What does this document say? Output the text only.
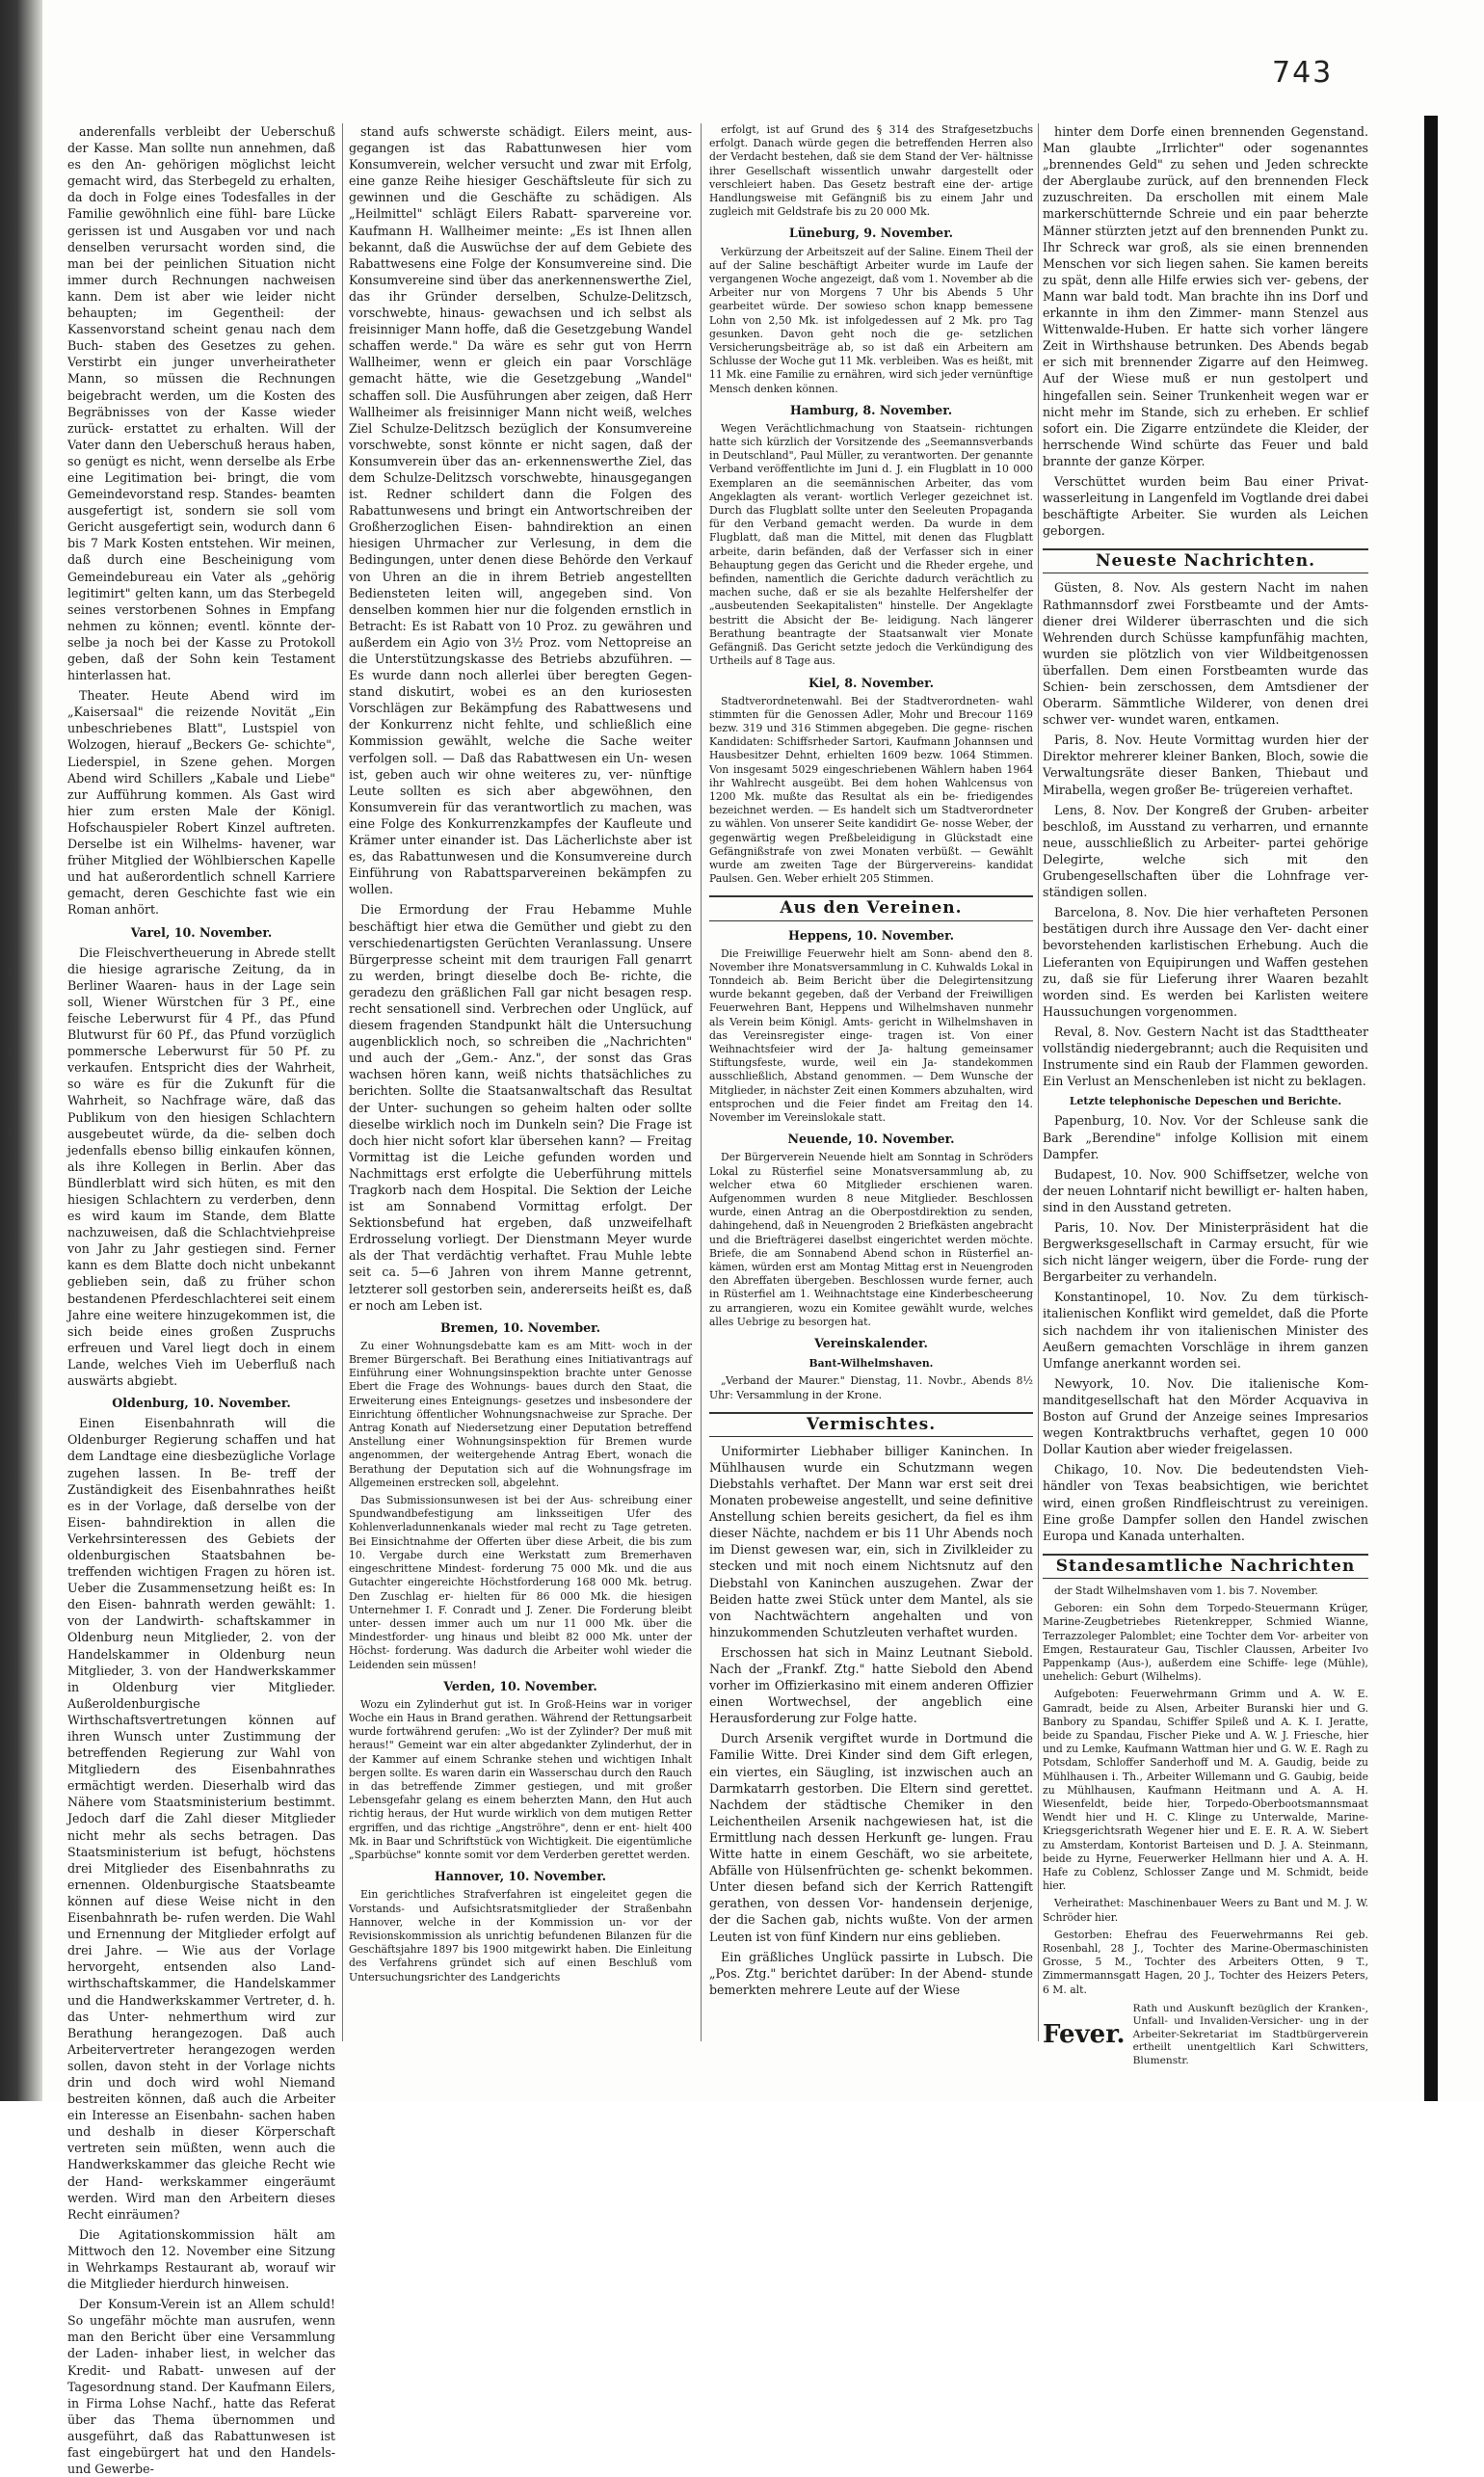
743

anderenfalls verbleibt der Ueberschuß der Kasse. Man sollte nun annehmen, daß es den An- gehörigen möglichst leicht gemacht wird, das Sterbegeld zu erhalten, da doch in Folge eines Todesfalles in der Familie gewöhnlich eine fühl- bare Lücke gerissen ist und Ausgaben vor und nach denselben verursacht worden sind, die man bei der peinlichen Situation nicht immer durch Rechnungen nachweisen kann. Dem ist aber wie leider nicht behaupten; im Gegentheil: der Kassenvorstand scheint genau nach dem Buch- staben des Gesetzes zu gehen. Verstirbt ein junger unverheiratheter Mann, so müssen die Rechnungen beigebracht werden, um die Kosten des Begräbnisses von der Kasse wieder zurück- erstattet zu erhalten. Will der Vater dann den Ueberschuß heraus haben, so genügt es nicht, wenn derselbe als Erbe eine Legitimation bei- bringt, die vom Gemeindevorstand resp. Standes- beamten ausgefertigt ist, sondern sie soll vom Gericht ausgefertigt sein, wodurch dann 6 bis 7 Mark Kosten entstehen. Wir meinen, daß durch eine Bescheinigung vom Gemeindebureau ein Vater als „gehörig legitimirt" gelten kann, um das Sterbegeld seines verstorbenen Sohnes in Empfang nehmen zu können; eventl. könnte der- selbe ja noch bei der Kasse zu Protokoll geben, daß der Sohn kein Testament hinterlassen hat.

Theater. Heute Abend wird im „Kaisersaal" die reizende Novität „Ein unbeschriebenes Blatt", Lustspiel von Wolzogen, hierauf „Beckers Ge- schichte", Liederspiel, in Szene gehen. Morgen Abend wird Schillers „Kabale und Liebe" zur Aufführung kommen. Als Gast wird hier zum ersten Male der Königl. Hofschauspieler Robert Kinzel auftreten. Derselbe ist ein Wilhelms- havener, war früher Mitglied der Wöhlbierschen Kapelle und hat außerordentlich schnell Karriere gemacht, deren Geschichte fast wie ein Roman anhört.

Varel, 10. November.

Die Fleischvertheuerung in Abrede stellt die hiesige agrarische Zeitung, da in Berliner Waaren- haus in der Lage sein soll, Wiener Würstchen für 3 Pf., eine feische Leberwurst für 4 Pf., das Pfund Blutwurst für 60 Pf., das Pfund vorzüglich pommersche Leberwurst für 50 Pf. zu verkaufen. Entspricht dies der Wahrheit, so wäre es für die Zukunft für die Wahrheit, so Nachfrage wäre, daß das Publikum von den hiesigen Schlachtern ausgebeutet würde, da die- selben doch jedenfalls ebenso billig einkaufen können, als ihre Kollegen in Berlin. Aber das Bündlerblatt wird sich hüten, es mit den hiesigen Schlachtern zu verderben, denn es wird kaum im Stande, dem Blatte nachzuweisen, daß die Schlachtviehpreise von Jahr zu Jahr gestiegen sind. Ferner kann es dem Blatte doch nicht unbekannt geblieben sein, daß zu früher schon bestandenen Pferdeschlachterei seit einem Jahre eine weitere hinzugekommen ist, die sich beide eines großen Zuspruchs erfreuen und Varel liegt doch in einem Lande, welches Vieh im Ueberfluß nach auswärts abgiebt.

Oldenburg, 10. November.

Einen Eisenbahnrath will die Oldenburger Regierung schaffen und hat dem Landtage eine diesbezügliche Vorlage zugehen lassen. In Be- treff der Zuständigkeit des Eisenbahnrathes heißt es in der Vorlage, daß derselbe von der Eisen- bahndirektion in allen die Verkehrsinteressen des Gebiets der oldenburgischen Staatsbahnen be- treffenden wichtigen Fragen zu hören ist. Ueber die Zusammensetzung heißt es: In den Eisen- bahnrath werden gewählt: 1. von der Landwirth- schaftskammer in Oldenburg neun Mitglieder, 2. von der Handelskammer in Oldenburg neun Mitglieder, 3. von der Handwerkskammer in Oldenburg vier Mitglieder. Außeroldenburgische Wirthschaftsvertretungen können auf ihren Wunsch unter Zustimmung der betreffenden Regierung zur Wahl von Mitgliedern des Eisenbahnrathes ermächtigt werden. Dieserhalb wird das Nähere vom Staatsministerium bestimmt. Jedoch darf die Zahl dieser Mitglieder nicht mehr als sechs betragen. Das Staatsministerium ist befugt, höchstens drei Mitglieder des Eisenbahnraths zu ernennen. Oldenburgische Staatsbeamte können auf diese Weise nicht in den Eisenbahnrath be- rufen werden. Die Wahl und Ernennung der Mitglieder erfolgt auf drei Jahre. — Wie aus der Vorlage hervorgeht, entsenden also Land- wirthschaftskammer, die Handelskammer und die Handwerkskammer Vertreter, d. h. das Unter- nehmerthum wird zur Berathung herangezogen. Daß auch Arbeitervertreter herangezogen werden sollen, davon steht in der Vorlage nichts drin und doch wird wohl Niemand bestreiten können, daß auch die Arbeiter ein Interesse an Eisenbahn- sachen haben und deshalb in dieser Körperschaft vertreten sein müßten, wenn auch die Handwerkskammer das gleiche Recht wie der Hand- werkskammer eingeräumt werden. Wird man den Arbeitern dieses Recht einräumen?

Die Agitationskommission hält am Mittwoch den 12. November eine Sitzung in Wehrkamps Restaurant ab, worauf wir die Mitglieder hierdurch hinweisen.

Der Konsum-Verein ist an Allem schuld! So ungefähr möchte man ausrufen, wenn man den Bericht über eine Versammlung der Laden- inhaber liest, in welcher das Kredit- und Rabatt- unwesen auf der Tagesordnung stand. Der Kaufmann Eilers, in Firma Lohse Nachf., hatte das Referat über das Thema übernommen und ausgeführt, daß das Rabattunwesen ist fast eingebürgert hat und den Handels- und Gewerbe-

stand aufs schwerste schädigt. Eilers meint, aus- gegangen ist das Rabattunwesen hier vom Konsumverein, welcher versucht und zwar mit Erfolg, eine ganze Reihe hiesiger Geschäftsleute für sich zu gewinnen und die Geschäfte zu schädigen. Als „Heilmittel" schlägt Eilers Rabatt- sparvereine vor. Kaufmann H. Wallheimer meinte: „Es ist Ihnen allen bekannt, daß die Auswüchse der auf dem Gebiete des Rabattwesens eine Folge der Konsumvereine sind. Die Konsumvereine sind über das anerkennenswerthe Ziel, das ihr Gründer derselben, Schulze-Delitzsch, vorschwebte, hinaus- gewachsen und ich selbst als freisinniger Mann hoffe, daß die Gesetzgebung Wandel schaffen werde." Da wäre es sehr gut von Herrn Wallheimer, wenn er gleich ein paar Vorschläge gemacht hätte, wie die Gesetzgebung „Wandel" schaffen soll. Die Ausführungen aber zeigen, daß Herr Wallheimer als freisinniger Mann nicht weiß, welches Ziel Schulze-Delitzsch bezüglich der Konsumvereine vorschwebte, sonst könnte er nicht sagen, daß der Konsumverein über das an- erkennenswerthe Ziel, das dem Schulze-Delitzsch vorschwebte, hinausgegangen ist. Redner schildert dann die Folgen des Rabattunwesens und bringt ein Antwortschreiben der Großherzoglichen Eisen- bahndirektion an einen hiesigen Uhrmacher zur Verlesung, in dem die Bedingungen, unter denen diese Behörde den Verkauf von Uhren an die in ihrem Betrieb angestellten Bediensteten leiten will, angegeben sind. Von denselben kommen hier nur die folgenden ernstlich in Betracht: Es ist Rabatt von 10 Proz. zu gewähren und außerdem ein Agio von 3½ Proz. vom Nettopreise an die Unterstützungskasse des Betriebs abzuführen. — Es wurde dann noch allerlei über beregten Gegen- stand diskutirt, wobei es an den kuriosesten Vorschlägen zur Bekämpfung des Rabattwesens und der Konkurrenz nicht fehlte, und schließlich eine Kommission gewählt, welche die Sache weiter verfolgen soll. — Daß das Rabattwesen ein Un- wesen ist, geben auch wir ohne weiteres zu, ver- nünftige Leute sollten es sich aber abgewöhnen, den Konsumverein für das verantwortlich zu machen, was eine Folge des Konkurrenzkampfes der Kaufleute und Krämer unter einander ist. Das Lächerlichste aber ist es, das Rabattunwesen und die Konsumvereine durch Einführung von Rabattsparvereinen bekämpfen zu wollen.

Die Ermordung der Frau Hebamme Muhle beschäftigt hier etwa die Gemüther und giebt zu den verschiedenartigsten Gerüchten Veranlassung. Unsere Bürgerpresse scheint mit dem traurigen Fall genarrt zu werden, bringt dieselbe doch Be- richte, die geradezu den gräßlichen Fall gar nicht besagen resp. recht sensationell sind. Verbrechen oder Unglück, auf diesem fragenden Standpunkt hält die Untersuchung augenblicklich noch, so schreiben die „Nachrichten" und auch der „Gem.- Anz.", der sonst das Gras wachsen hören kann, weiß nichts thatsächliches zu berichten. Sollte die Staatsanwaltschaft das Resultat der Unter- suchungen so geheim halten oder sollte dieselbe wirklich noch im Dunkeln sein? Die Frage ist doch hier nicht sofort klar übersehen kann? — Freitag Vormittag ist die Leiche gefunden worden und Nachmittags erst erfolgte die Ueberführung mittels Tragkorb nach dem Hospital. Die Sektion der Leiche ist am Sonnabend Vormittag erfolgt. Der Sektionsbefund hat ergeben, daß unzweifelhaft Erdrosselung vorliegt. Der Dienstmann Meyer wurde als der That verdächtig verhaftet. Frau Muhle lebte seit ca. 5—6 Jahren von ihrem Manne getrennt, letzterer soll gestorben sein, andererseits heißt es, daß er noch am Leben ist.

Bremen, 10. November.

Zu einer Wohnungsdebatte kam es am Mitt- woch in der Bremer Bürgerschaft. Bei Berathung eines Initiativantrags auf Einführung einer Wohnungsinspektion brachte unter Genosse Ebert die Frage des Wohnungs- baues durch den Staat, die Erweiterung eines Enteignungs- gesetzes und insbesondere der Einrichtung öffentlicher Wohnungsnachweise zur Sprache. Der Antrag Konath auf Niedersetzung einer Deputation betreffend Anstellung einer Wohnungsinspektion für Bremen wurde angenommen, der weitergehende Antrag Ebert, wonach die Berathung der Deputation sich auf die Wohnungsfrage im Allgemeinen erstrecken soll, abgelehnt.

Das Submissionsunwesen ist bei der Aus- schreibung einer Spundwandbefestigung am linksseitigen Ufer des Kohlenverladunnenkanals wieder mal recht zu Tage getreten. Bei Einsichtnahme der Offerten über diese Arbeit, die bis zum 10. Vergabe durch eine Werkstatt zum Bremerhaven eingeschrittene Mindest- forderung 75 000 Mk. und die aus Gutachter eingereichte Höchstforderung 168 000 Mk. betrug. Den Zuschlag er- hielten für 86 000 Mk. die hiesigen Unternehmer I. F. Conradt und J. Zener. Die Forderung bleibt unter- dessen immer auch um nur 11 000 Mk. über die Mindestforder- ung hinaus und bleibt 82 000 Mk. unter der Höchst- forderung. Was dadurch die Arbeiter wohl wieder die Leidenden sein müssen!

Verden, 10. November.

Wozu ein Zylinderhut gut ist. In Groß-Heins war in voriger Woche ein Haus in Brand gerathen. Während der Rettungsarbeit wurde fortwährend gerufen: „Wo ist der Zylinder? Der muß mit heraus!" Gemeint war ein alter abgedankter Zylinderhut, der in der Kammer auf einem Schranke stehen und wichtigen Inhalt bergen sollte. Es waren darin ein Wasserschau durch den Rauch in das betreffende Zimmer gestiegen, und mit großer Lebensgefahr gelang es einem beherzten Mann, den Hut auch richtig heraus, der Hut wurde wirklich von dem mutigen Retter ergriffen, und das richtige „Angströhre", denn er ent- hielt 400 Mk. in Baar und Schriftstück von Wichtigkeit. Die eigentümliche „Sparbüchse" konnte somit vor dem Verderben gerettet werden.

Hannover, 10. November.

Ein gerichtliches Strafverfahren ist eingeleitet gegen die Vorstands- und Aufsichtsratsmitglieder der Straßenbahn Hannover, welche in der Kommission un- vor der Revisionskommission als unrichtig befundenen Bilanzen für die Geschäftsjahre 1897 bis 1900 mitgewirkt haben. Die Einleitung des Verfahrens gründet sich auf einen Beschluß vom Untersuchungsrichter des Landgerichts

erfolgt, ist auf Grund des § 314 des Strafgesetzbuchs erfolgt. Danach würde gegen die betreffenden Herren also der Verdacht bestehen, daß sie dem Stand der Ver- hältnisse ihrer Gesellschaft wissentlich unwahr dargestellt oder verschleiert haben. Das Gesetz bestraft eine der- artige Handlungsweise mit Gefängniß bis zu einem Jahr und zugleich mit Geldstrafe bis zu 20 000 Mk.

Lüneburg, 9. November.

Verkürzung der Arbeitszeit auf der Saline. Einem Theil der auf der Saline beschäftigt Arbeiter wurde im Laufe der vergangenen Woche angezeigt, daß vom 1. November ab die Arbeiter nur von Morgens 7 Uhr bis Abends 5 Uhr gearbeitet würde. Der sowieso schon knapp bemessene Lohn von 2,50 Mk. ist infolgedessen auf 2 Mk. pro Tag gesunken. Davon geht noch die ge- setzlichen Versicherungsbeiträge ab, so ist daß ein Arbeitern am Schlusse der Woche gut 11 Mk. verbleiben. Was es heißt, mit 11 Mk. eine Familie zu ernähren, wird sich jeder vernünftige Mensch denken können.

Hamburg, 8. November.

Wegen Verächtlichmachung von Staatsein- richtungen hatte sich kürzlich der Vorsitzende des „Seemannsverbands in Deutschland", Paul Müller, zu verantworten. Der genannte Verband veröffentlichte im Juni d. J. ein Flugblatt in 10 000 Exemplaren an die seemännischen Arbeiter, das vom Angeklagten als verant- wortlich Verleger gezeichnet ist. Durch das Flugblatt sollte unter den Seeleuten Propaganda für den Verband gemacht werden. Da wurde in dem Flugblatt, daß man die Mittel, mit denen das Flugblatt arbeite, darin befänden, daß der Verfasser sich in einer Behauptung gegen das Gericht und die Rheder ergehe, und befinden, namentlich die Gerichte dadurch verächtlich zu machen suche, daß er sie als bezahlte Helfershelfer der „ausbeutenden Seekapitalisten" hinstelle. Der Angeklagte bestritt die Absicht der Be- leidigung. Nach längerer Berathung beantragte der Staatsanwalt vier Monate Gefängniß. Das Gericht setzte jedoch die Verkündigung des Urtheils auf 8 Tage aus.

Kiel, 8. November.

Stadtverordnetenwahl. Bei der Stadtverordneten- wahl stimmten für die Genossen Adler, Mohr und Brecour 1169 bezw. 319 und 316 Stimmen abgegeben. Die gegne- rischen Kandidaten: Schiffsrheder Sartori, Kaufmann Johannsen und Hausbesitzer Dehnt, erhielten 1609 bezw. 1064 Stimmen. Von insgesamt 5029 eingeschriebenen Wählern haben 1964 ihr Wahlrecht ausgeübt. Bei dem hohen Wahlcensus von 1200 Mk. mußte das Resultat als ein be- friedigendes bezeichnet werden. — Es handelt sich um Stadtverordneter zu wählen. Von unserer Seite kandidirt Ge- nosse Weber, der gegenwärtig wegen Preßbeleidigung in Glückstadt eine Gefängnißstrafe von zwei Monaten verbüßt. — Gewählt wurde am zweiten Tage der Bürgervereins- kandidat Paulsen. Gen. Weber erhielt 205 Stimmen.

Aus den Vereinen.

Heppens, 10. November.

Die Freiwillige Feuerwehr hielt am Sonn- abend den 8. November ihre Monatsversammlung in C. Kuhwalds Lokal in Tonndeich ab. Beim Bericht über die Delegirtensitzung wurde bekannt gegeben, daß der Verband der Freiwilligen Feuerwehren Bant, Heppens und Wilhelmshaven nunmehr als Verein beim Königl. Amts- gericht in Wilhelmshaven in das Vereinsregister einge- tragen ist. Von einer Weihnachtsfeier wird der Ja- haltung gemeinsamer Stiftungsfeste, wurde, weil ein Ja- standekommen ausschließlich, Abstand genommen. — Dem Wunsche der Mitglieder, in nächster Zeit einen Kommers abzuhalten, wird entsprochen und die Feier findet am Freitag den 14. November im Vereinslokale statt.

Neuende, 10. November.

Der Bürgerverein Neuende hielt am Sonntag in Schröders Lokal zu Rüsterfiel seine Monatsversammlung ab, zu welcher etwa 60 Mitglieder erschienen waren. Aufgenommen wurden 8 neue Mitglieder. Beschlossen wurde, einen Antrag an die Oberpostdirektion zu senden, dahingehend, daß in Neuengroden 2 Briefkästen angebracht und die Briefträgerei daselbst eingerichtet werden möchte. Briefe, die am Sonnabend Abend schon in Rüsterfiel an- kämen, würden erst am Montag Mittag erst in Neuengroden den Abreffaten übergeben. Beschlossen wurde ferner, auch in Rüsterfiel am 1. Weihnachtstage eine Kinderbescheerung zu arrangieren, wozu ein Komitee gewählt wurde, welches alles Uebrige zu besorgen hat.

Vereinskalender.

Bant-Wilhelmshaven.

„Verband der Maurer." Dienstag, 11. Novbr., Abends 8½ Uhr: Versammlung in der Krone.

Vermischtes.

Uniformirter Liebhaber billiger Kaninchen. In Mühlhausen wurde ein Schutzmann wegen Diebstahls verhaftet. Der Mann war erst seit drei Monaten probeweise angestellt, und seine definitive Anstellung schien bereits gesichert, da fiel es ihm dieser Nächte, nachdem er bis 11 Uhr Abends noch im Dienst gewesen war, ein, sich in Zivilkleider zu stecken und mit noch einem Nichtsnutz auf den Diebstahl von Kaninchen auszugehen. Zwar der Beiden hatte zwei Stück unter dem Mantel, als sie von Nachtwächtern angehalten und von hinzukommenden Schutzleuten verhaftet wurden.

Erschossen hat sich in Mainz Leutnant Siebold. Nach der „Frankf. Ztg." hatte Siebold den Abend vorher im Offizierkasino mit einem anderen Offizier einen Wortwechsel, der angeblich eine Herausforderung zur Folge hatte.

Durch Arsenik vergiftet wurde in Dortmund die Familie Witte. Drei Kinder sind dem Gift erlegen, ein viertes, ein Säugling, ist inzwischen auch an Darmkatarrh gestorben. Die Eltern sind gerettet. Nachdem der städtische Chemiker in den Leichentheilen Arsenik nachgewiesen hat, ist die Ermittlung nach dessen Herkunft ge- lungen. Frau Witte hatte in einem Geschäft, wo sie arbeitete, Abfälle von Hülsenfrüchten ge- schenkt bekommen. Unter diesen befand sich der Kerrich Rattengift gerathen, von dessen Vor- handensein derjenige, der die Sachen gab, nichts wußte. Von der armen Leuten ist von fünf Kindern nur eins geblieben.

Ein gräßliches Unglück passirte in Lubsch. Die „Pos. Ztg." berichtet darüber: In der Abend- stunde bemerkten mehrere Leute auf der Wiese

hinter dem Dorfe einen brennenden Gegenstand. Man glaubte „Irrlichter" oder sogenanntes „brennendes Geld" zu sehen und Jeden schreckte der Aberglaube zurück, auf den brennenden Fleck zuzuschreiten. Da erschollen mit einem Male markerschütternde Schreie und ein paar beherzte Männer stürzten jetzt auf den brennenden Punkt zu. Ihr Schreck war groß, als sie einen brennenden Menschen vor sich liegen sahen. Sie kamen bereits zu spät, denn alle Hilfe erwies sich ver- gebens, der Mann war bald todt. Man brachte ihn ins Dorf und erkannte in ihm den Zimmer- mann Stenzel aus Wittenwalde-Huben. Er hatte sich vorher längere Zeit in Wirthshause betrunken. Des Abends begab er sich mit brennender Zigarre auf den Heimweg. Auf der Wiese muß er nun gestolpert und hingefallen sein. Seiner Trunkenheit wegen war er nicht mehr im Stande, sich zu erheben. Er schlief sofort ein. Die Zigarre entzündete die Kleider, der herrschende Wind schürte das Feuer und bald brannte der ganze Körper.

Verschüttet wurden beim Bau einer Privat- wasserleitung in Langenfeld im Vogtlande drei dabei beschäftigte Arbeiter. Sie wurden als Leichen geborgen.

Neueste Nachrichten.

Güsten, 8. Nov. Als gestern Nacht im nahen Rathmannsdorf zwei Forstbeamte und der Amts- diener drei Wilderer überraschten und die sich Wehrenden durch Schüsse kampfunfähig machten, wurden sie plötzlich von vier Wildbeitgenossen überfallen. Dem einen Forstbeamten wurde das Schien- bein zerschossen, dem Amtsdiener der Oberarm. Sämmtliche Wilderer, von denen drei schwer ver- wundet waren, entkamen.

Paris, 8. Nov. Heute Vormittag wurden hier der Direktor mehrerer kleiner Banken, Bloch, sowie die Verwaltungsräte dieser Banken, Thiebaut und Mirabella, wegen großer Be- trügereien verhaftet.

Lens, 8. Nov. Der Kongreß der Gruben- arbeiter beschloß, im Ausstand zu verharren, und ernannte neue, ausschließlich zu Arbeiter- partei gehörige Delegirte, welche sich mit den Grubengesellschaften über die Lohnfrage ver- ständigen sollen.

Barcelona, 8. Nov. Die hier verhafteten Personen bestätigen durch ihre Aussage den Ver- dacht einer bevorstehenden karlistischen Erhebung. Auch die Lieferanten von Equipirungen und Waffen gestehen zu, daß sie für Lieferung ihrer Waaren bezahlt worden sind. Es werden bei Karlisten weitere Haussuchungen vorgenommen.

Reval, 8. Nov. Gestern Nacht ist das Stadttheater vollständig niedergebrannt; auch die Requisiten und Instrumente sind ein Raub der Flammen geworden. Ein Verlust an Menschenleben ist nicht zu beklagen.

Letzte telephonische Depeschen und Berichte.

Papenburg, 10. Nov. Vor der Schleuse sank die Bark „Berendine" infolge Kollision mit einem Dampfer.

Budapest, 10. Nov. 900 Schiffsetzer, welche von der neuen Lohntarif nicht bewilligt er- halten haben, sind in den Ausstand getreten.

Paris, 10. Nov. Der Ministerpräsident hat die Bergwerksgesellschaft in Carmay ersucht, für wie sich nicht länger weigern, über die Forde- rung der Bergarbeiter zu verhandeln.

Konstantinopel, 10. Nov. Zu dem türkisch- italienischen Konflikt wird gemeldet, daß die Pforte sich nachdem ihr von italienischen Minister des Aeußern gemachten Vorschläge in ihrem ganzen Umfange anerkannt worden sei.

Newyork, 10. Nov. Die italienische Kom- manditgesellschaft hat den Mörder Acquaviva in Boston auf Grund der Anzeige seines Impresarios wegen Kontraktbruchs verhaftet, gegen 10 000 Dollar Kaution aber wieder freigelassen.

Chikago, 10. Nov. Die bedeutendsten Vieh- händler von Texas beabsichtigen, wie berichtet wird, einen großen Rindfleischtrust zu vereinigen. Eine große Dampfer sollen den Handel zwischen Europa und Kanada unterhalten.

Standesamtliche Nachrichten

der Stadt Wilhelmshaven vom 1. bis 7. November.

Geboren: ein Sohn dem Torpedo-Steuermann Krüger, Marine-Zeugbetriebes Rietenkrepper, Schmied Wianne, Terrazzoleger Palomblet; eine Tochter dem Vor- arbeiter von Emgen, Restaurateur Gau, Tischler Claussen, Arbeiter Ivo Pappenkamp (Aus-), außerdem eine Schiffe- lege (Mühle), unehelich: Geburt (Wilhelms).

Aufgeboten: Feuerwehrmann Grimm und A. W. E. Gamradt, beide zu Alsen, Arbeiter Buranski hier und G. Banbory zu Spandau, Schiffer Spileß und A. K. I. Jeratte, beide zu Spandau, Fischer Pieke und A. W. J. Friesche, hier und zu Lemke, Kaufmann Wattman hier und G. W. E. Ragh zu Potsdam, Schloffer Sanderhoff und M. A. Gaudig, beide zu Mühlhausen i. Th., Arbeiter Willemann und G. Gaubig, beide zu Mühlhausen, Kaufmann Heitmann und A. A. H. Wiesenfeldt, beide hier, Torpedo-Oberbootsmannsmaat Wendt hier und H. C. Klinge zu Unterwalde, Marine-Kriegsgerichtsrath Wegener hier und E. E. R. A. W. Siebert zu Amsterdam, Kontorist Barteisen und D. J. A. Steinmann, beide zu Hyrne, Feuerwerker Hellmann hier und A. A. H. Hafe zu Coblenz, Schlosser Zange und M. Schmidt, beide hier.

Verheirathet: Maschinenbauer Weers zu Bant und M. J. W. Schröder hier.

Gestorben: Ehefrau des Feuerwehrmanns Rei geb. Rosenbahl, 28 J., Tochter des Marine-Obermaschinisten Grosse, 5 M., Tochter des Arbeiters Otten, 9 T., Zimmermannsgatt Hagen, 20 J., Tochter des Heizers Peters, 6 M. alt.

Fever.
Rath und Auskunft bezüglich der Kranken-, Unfall- und Invaliden-Versicher- ung in der Arbeiter-Sekretariat im Stadtbürgerverein ertheilt unentgeltlich Karl Schwitters, Blumenstr.
